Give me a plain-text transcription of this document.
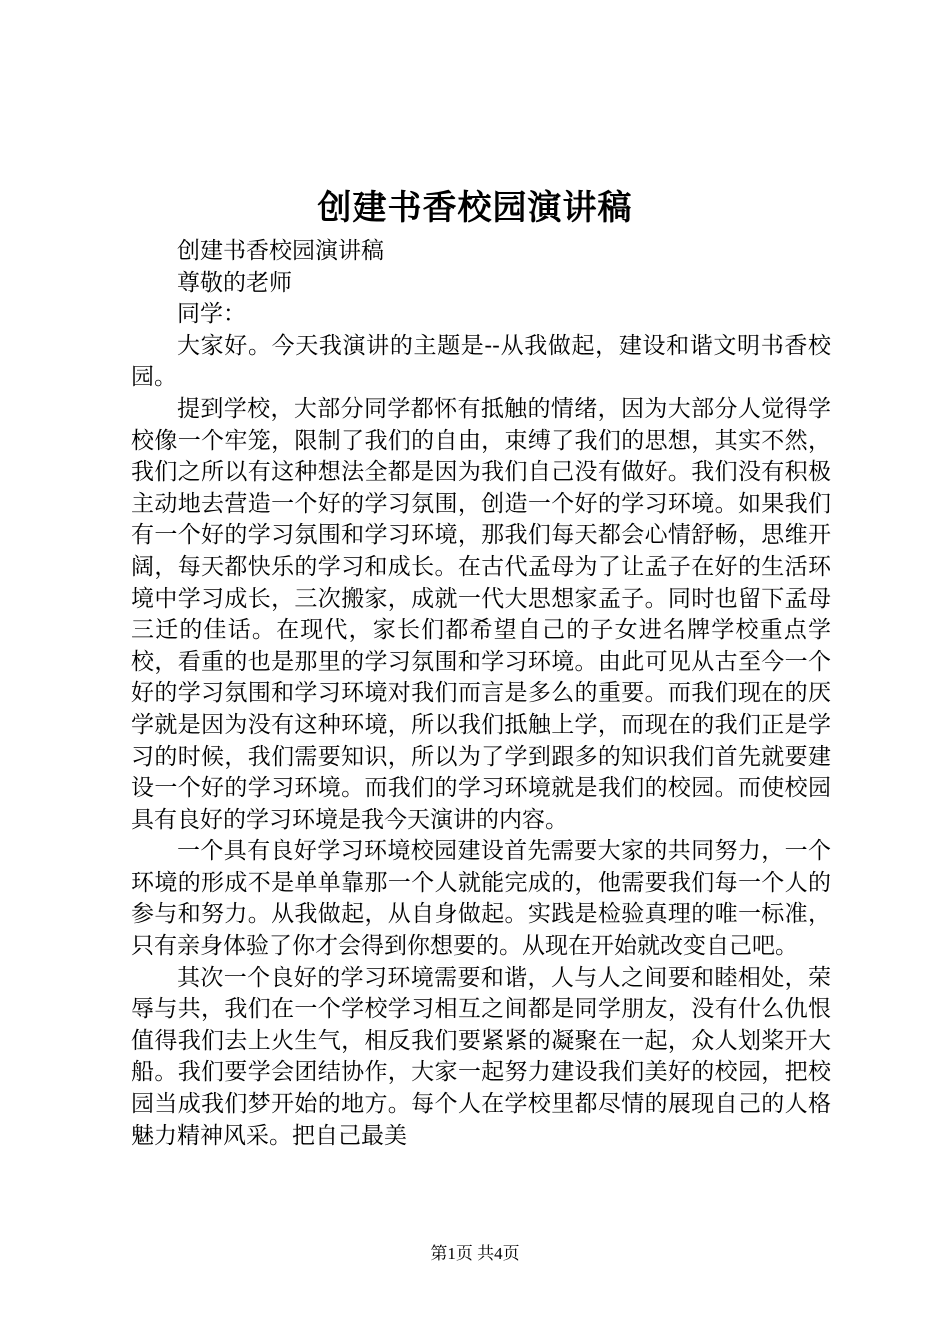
创建书香校园演讲稿

创建书香校园演讲稿

尊敬的老师

同学：

大家好。今天我演讲的主题是--从我做起，建设和谐文明书香校园。

提到学校，大部分同学都怀有抵触的情绪，因为大部分人觉得学校像一个牢笼，限制了我们的自由，束缚了我们的思想，其实不然，我们之所以有这种想法全都是因为我们自己没有做好。我们没有积极主动地去营造一个好的学习氛围，创造一个好的学习环境。如果我们有一个好的学习氛围和学习环境，那我们每天都会心情舒畅，思维开阔，每天都快乐的学习和成长。在古代孟母为了让孟子在好的生活环境中学习成长，三次搬家，成就一代大思想家孟子。同时也留下孟母三迁的佳话。在现代，家长们都希望自己的子女进名牌学校重点学校，看重的也是那里的学习氛围和学习环境。由此可见从古至今一个好的学习氛围和学习环境对我们而言是多么的重要。而我们现在的厌学就是因为没有这种环境，所以我们抵触上学，而现在的我们正是学习的时候，我们需要知识，所以为了学到跟多的知识我们首先就要建设一个好的学习环境。而我们的学习环境就是我们的校园。而使校园具有良好的学习环境是我今天演讲的内容。

一个具有良好学习环境校园建设首先需要大家的共同努力，一个环境的形成不是单单靠那一个人就能完成的，他需要我们每一个人的参与和努力。从我做起，从自身做起。实践是检验真理的唯一标准，只有亲身体验了你才会得到你想要的。从现在开始就改变自己吧。

其次一个良好的学习环境需要和谐，人与人之间要和睦相处，荣辱与共，我们在一个学校学习相互之间都是同学朋友，没有什么仇恨值得我们去上火生气，相反我们要紧紧的凝聚在一起，众人划桨开大船。我们要学会团结协作，大家一起努力建设我们美好的校园，把校园当成我们梦开始的地方。每个人在学校里都尽情的展现自己的人格魅力精神风采。把自己最美

第1页 共4页
